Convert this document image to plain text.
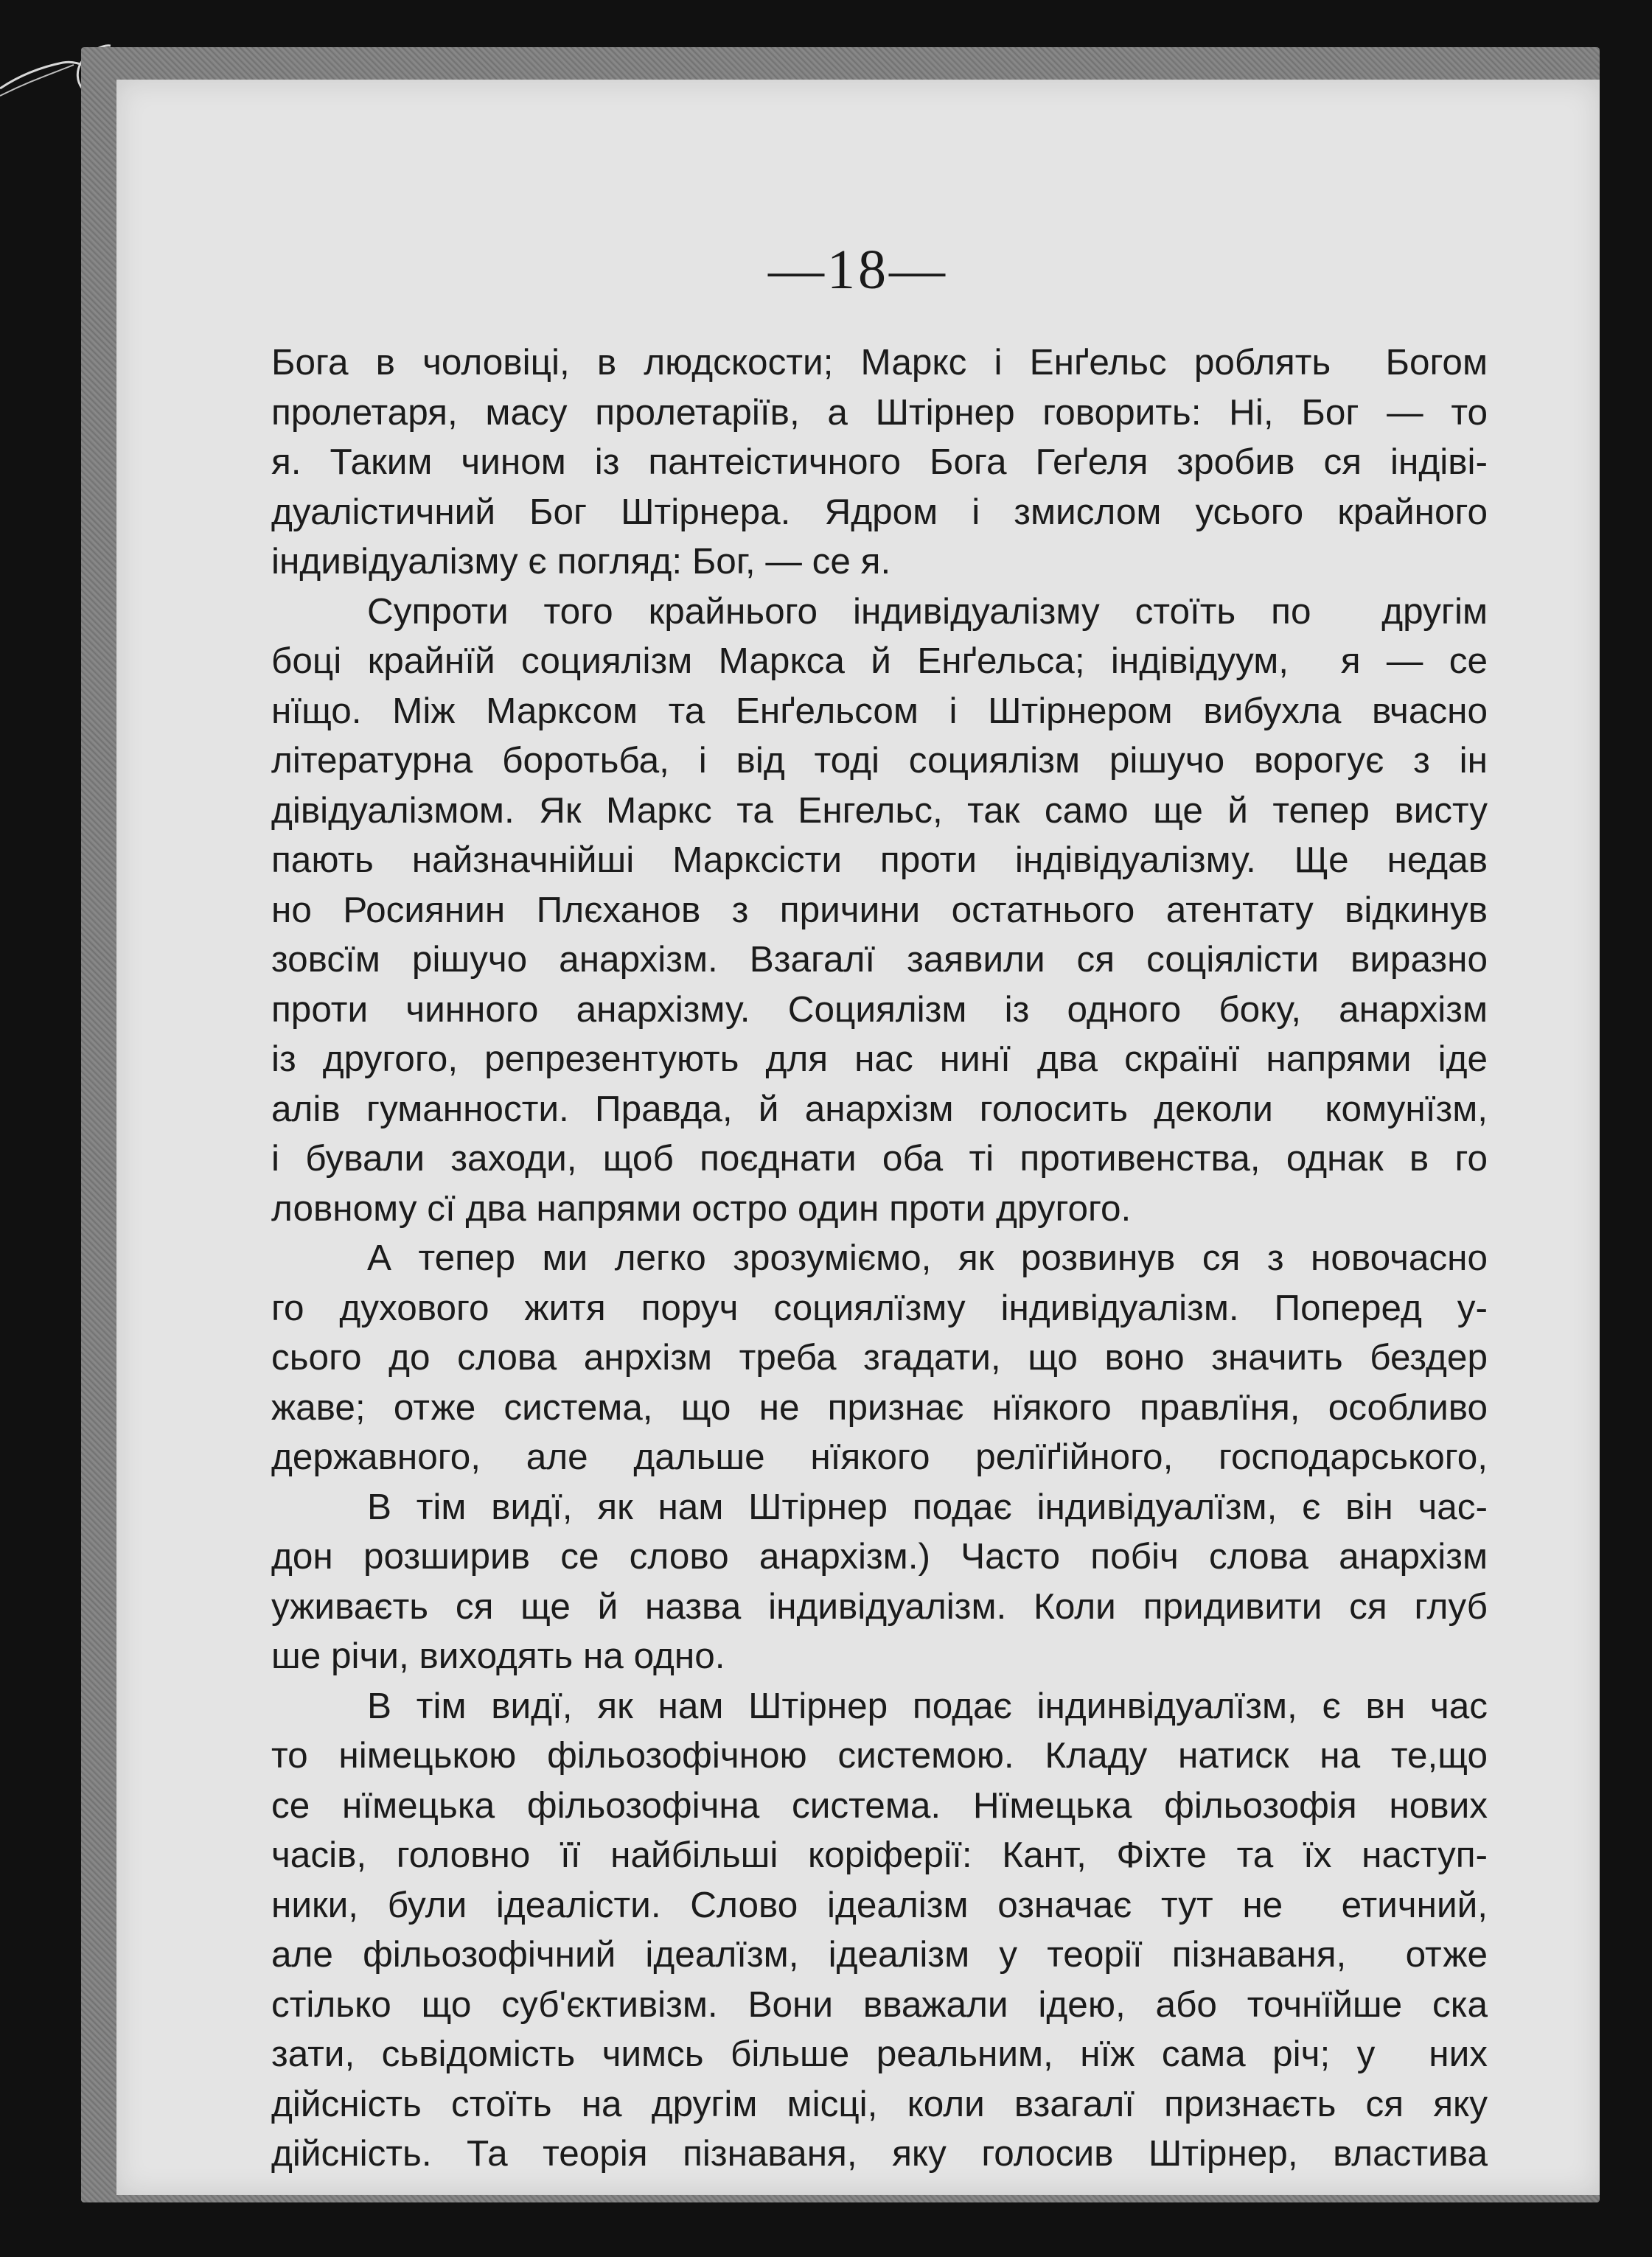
—18—
Бога в чоловіці, в людскости; Маркс і Енґельс роблять  Богом
пролетаря, масу пролетаріїв, а Штірнер говорить: Ні, Бог — то
я. Таким чином із пантеістичного Бога Геґеля зробив ся індіві-
дуалістичний Бог Штірнера. Ядром і змислом усього крайного
індивідуалізму є погляд: Бог, — се я.
Супроти того крайнього індивідуалізму стоїть по  другім
боці крайнїй социялізм Маркса й Енґельса; індівідуум,  я — се
нїщо. Між Марксом та Енґельсом і Штірнером вибухла вчасно
літературна боротьба, і від тоді социялізм рішучо ворогує з ін
дівідуалізмом. Як Маркс та Енгельс, так само ще й тепер висту
пають найзначнійші Марксісти проти індівідуалізму. Ще недав
но Росиянин Плєханов з причини остатнього атентату відкинув
зовсїм рішучо анархізм. Взагалї заявили ся соціялісти виразно
проти чинного анархізму. Социялізм із одного боку, анархізм
із другого, репрезентують для нас нинї два скраїнї напрями іде
алів гуманности. Правда, й анархізм голосить деколи  комунїзм,
і бували заходи, щоб поєднати оба ті противенства, однак в го
ловному сї два напрями остро один проти другого.
А тепер ми легко зрозуміємо, як розвинув ся з новочасно
го духового житя поруч социялїзму індивідуалізм. Поперед у-
сього до слова анрхізм треба згадати, що воно значить бездер
жаве; отже система, що не признає нїякого правлїня, особливо
державного, але дальше нїякого релїґійного, господарського,
В тім видї, як нам Штірнер подає індивідуалїзм, є він час-
дон розширив се слово анархізм.) Часто побіч слова анархізм
уживаєть ся ще й назва індивідуалізм. Коли придивити ся глуб
ше річи, виходять на одно.
В тім видї, як нам Штірнер подає індинвідуалїзм, є вн час
то німецькою фільозофічною системою. Кладу натиск на те,що
се нїмецька фільозофічна система. Нїмецька фільозофія нових
часів, головно її найбільші коріферії: Кант, Фіхте та їх наступ-
ники, були ідеалісти. Слово ідеалізм означає тут не  етичний,
але фільозофічний ідеалїзм, ідеалізм у теорії пізнаваня,  отже
стілько що суб'єктивізм. Вони вважали ідею, або точнїйше ска
зати, сьвідомість чимсь більше реальним, нїж сама річ; у  них
дійсність стоїть на другім місці, коли взагалї признаєть ся яку
дійсність. Та теорія пізнаваня, яку голосив Штірнер, властива
